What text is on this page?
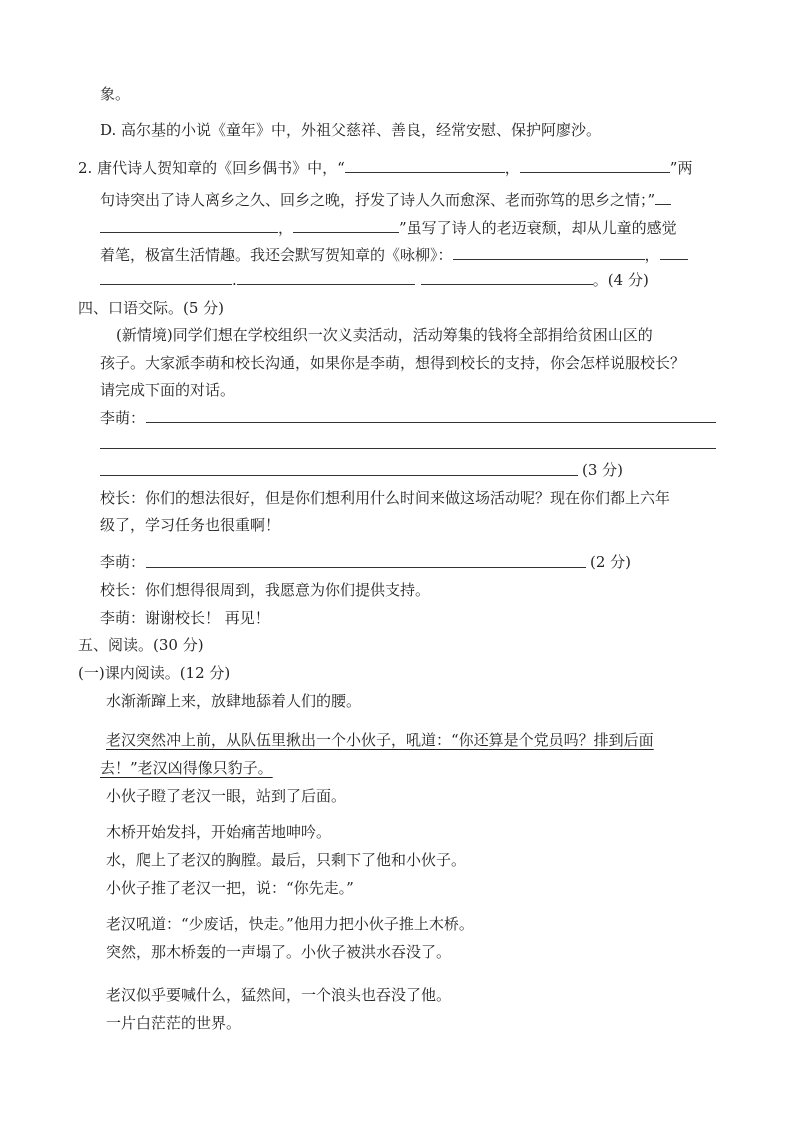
象。
D. 高尔基的小说《童年》中，外祖父慈祥、善良，经常安慰、保护阿廖沙。
2. 唐代诗人贺知章的《回乡偶书》中，“	，	”两
句诗突出了诗人离乡之久、回乡之晚，抒发了诗人久而愈深、老而弥笃的思乡之情；”
，	”虽写了诗人的老迈衰颓，却从儿童的感觉
着笔，极富生活情趣。我还会默写贺知章的《咏柳》：	，
.	。(4 分)
四、口语交际。(5 分)
(新情境)同学们想在学校组织一次义卖活动，活动筹集的钱将全部捐给贫困山区的
孩子。大家派李萌和校长沟通，如果你是李萌，想得到校长的支持，你会怎样说服校长？
请完成下面的对话。
李萌：
(3 分)
校长：你们的想法很好，但是你们想利用什么时间来做这场活动呢？现在你们都上六年
级了，学习任务也很重啊！
李萌：	(2 分)
校长：你们想得很周到，我愿意为你们提供支持。
李萌：谢谢校长！ 再见！
五、阅读。(30 分)
(一)课内阅读。(12 分)
水渐渐蹿上来，放肆地舔着人们的腰。
老汉突然冲上前，从队伍里揪出一个小伙子，吼道：“你还算是个党员吗？排到后面
去！”老汉凶得像只豹子。
小伙子瞪了老汉一眼，站到了后面。
木桥开始发抖，开始痛苦地呻吟。
水，爬上了老汉的胸膛。最后，只剩下了他和小伙子。
小伙子推了老汉一把，说：“你先走。”
老汉吼道：“少废话，快走。”他用力把小伙子推上木桥。
突然，那木桥轰的一声塌了。小伙子被洪水吞没了。
老汉似乎要喊什么，猛然间，一个浪头也吞没了他。
一片白茫茫的世界。
